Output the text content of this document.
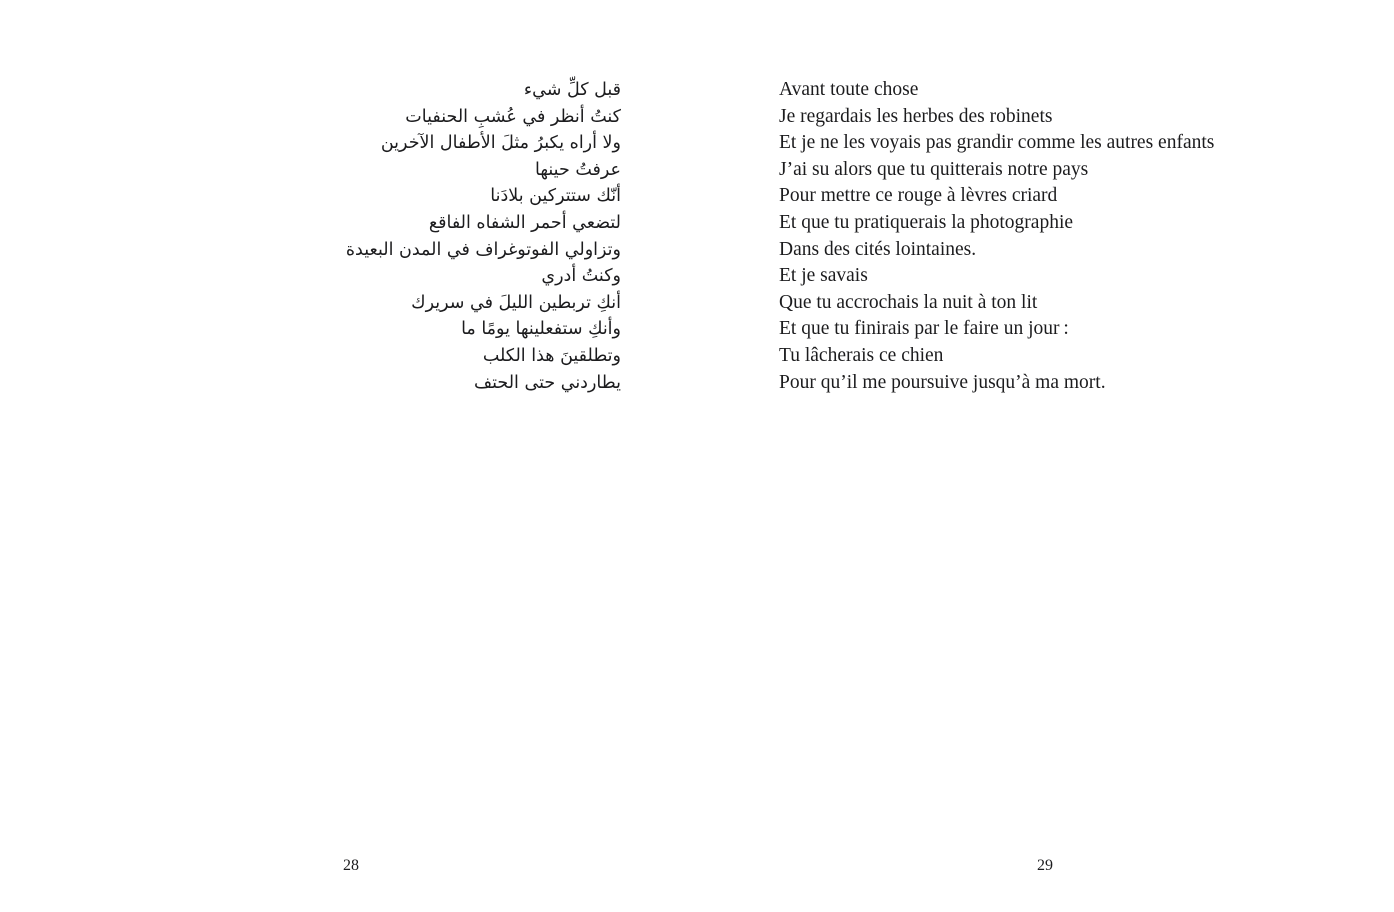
قبل كلِّ شيء
كنتُ أنظر في عُشبِ الحنفيات
ولا أراه يكبرُ مثلَ الأطفال الآخرين
عرفتُ حينها
أنّك ستتركين بلادَنا
لتضعي أحمر الشفاه الفاقع
وتزاولي الفوتوغراف في المدن البعيدة
وكنتُ أدري
أنكِ تربطين الليلَ في سريرك
وأنكِ ستفعلينها يومًا ما
وتطلقينَ هذا الكلب
يطاردني حتى الحتف
Avant toute chose
Je regardais les herbes des robinets
Et je ne les voyais pas grandir comme les autres enfants
J’ai su alors que tu quitterais notre pays
Pour mettre ce rouge à lèvres criard
Et que tu pratiquerais la photographie
Dans des cités lointaines.
Et je savais
Que tu accrochais la nuit à ton lit
Et que tu finirais par le faire un jour :
Tu lâcherais ce chien
Pour qu’il me poursuive jusqu’à ma mort.
28	29
